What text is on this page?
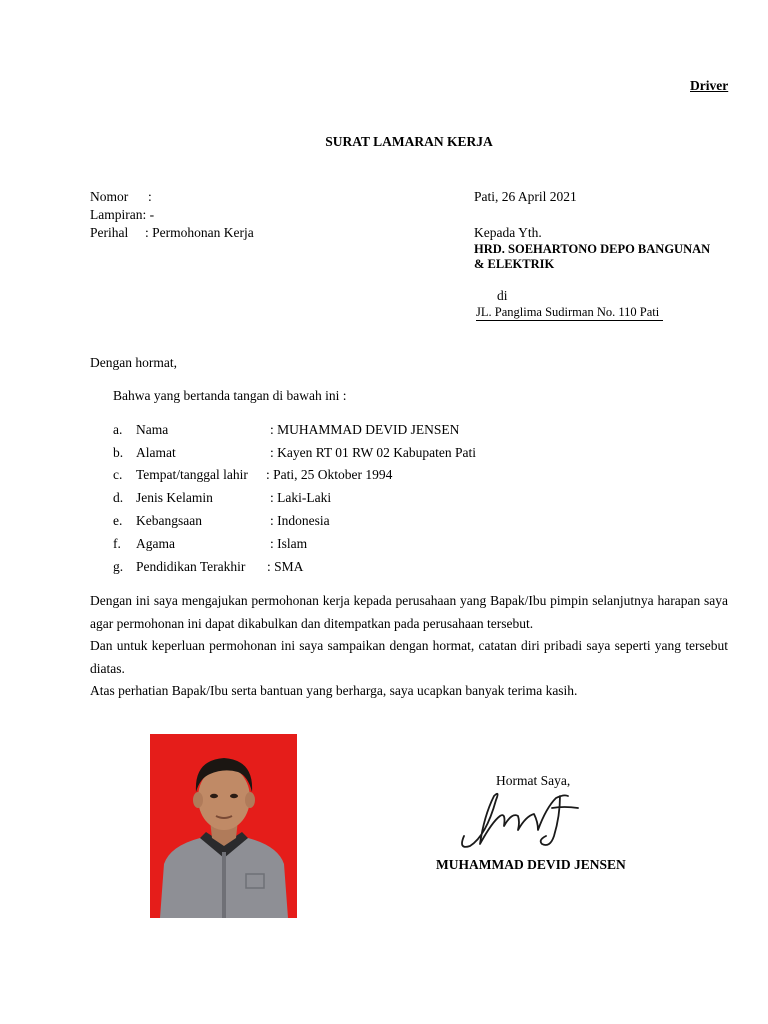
Driver
SURAT LAMARAN KERJA
Nomor :
Lampiran: -
Perihal : Permohonan Kerja
Pati, 26 April 2021
Kepada Yth.
HRD. SOEHARTONO DEPO BANGUNAN
& ELEKTRIK
di
JL. Panglima Sudirman No. 110 Pati
Dengan hormat,
Bahwa yang bertanda tangan di bawah ini :
a. Nama	: MUHAMMAD DEVID JENSEN
b. Alamat	: Kayen RT 01 RW 02 Kabupaten Pati
c. Tempat/tanggal lahir : Pati, 25 Oktober 1994
d. Jenis Kelamin	: Laki-Laki
e. Kebangsaan	: Indonesia
f. Agama	: Islam
g. Pendidikan Terakhir : SMA

Dengan ini saya mengajukan permohonan kerja kepada perusahaan yang Bapak/Ibu pimpin selanjutnya harapan saya agar permohonan ini dapat dikabulkan dan ditempatkan pada perusahaan tersebut.

Dan untuk keperluan permohonan ini saya sampaikan dengan hormat, catatan diri pribadi saya seperti yang tersebut diatas.

Atas perhatian Bapak/Ibu serta bantuan yang berharga, saya ucapkan banyak terima kasih.

Hormat Saya,
MUHAMMAD DEVID JENSEN
